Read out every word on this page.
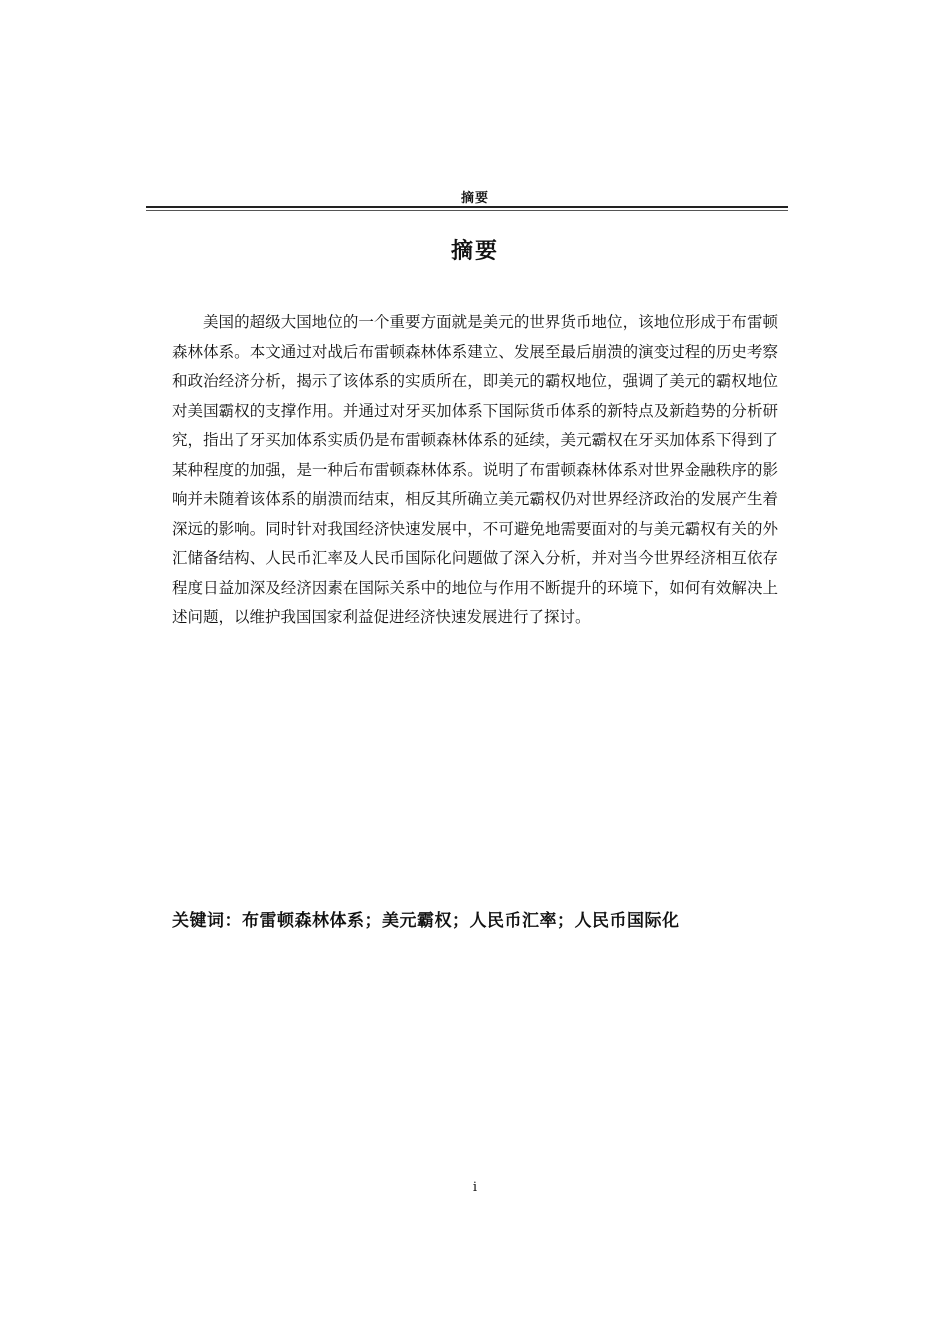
摘要
摘要

美国的超级大国地位的一个重要方面就是美元的世界货币地位，该地位形成于布雷顿森林体系。本文通过对战后布雷顿森林体系建立、发展至最后崩溃的演变过程的历史考察和政治经济分析，揭示了该体系的实质所在，即美元的霸权地位，强调了美元的霸权地位对美国霸权的支撑作用。并通过对牙买加体系下国际货币体系的新特点及新趋势的分析研究，指出了牙买加体系实质仍是布雷顿森林体系的延续，美元霸权在牙买加体系下得到了某种程度的加强，是一种后布雷顿森林体系。说明了布雷顿森林体系对世界金融秩序的影响并未随着该体系的崩溃而结束，相反其所确立美元霸权仍对世界经济政治的发展产生着深远的影响。同时针对我国经济快速发展中，不可避免地需要面对的与美元霸权有关的外汇储备结构、人民币汇率及人民币国际化问题做了深入分析，并对当今世界经济相互依存程度日益加深及经济因素在国际关系中的地位与作用不断提升的环境下，如何有效解决上述问题，以维护我国国家利益促进经济快速发展进行了探讨。

关键词：布雷顿森林体系；美元霸权；人民币汇率；人民币国际化
i
